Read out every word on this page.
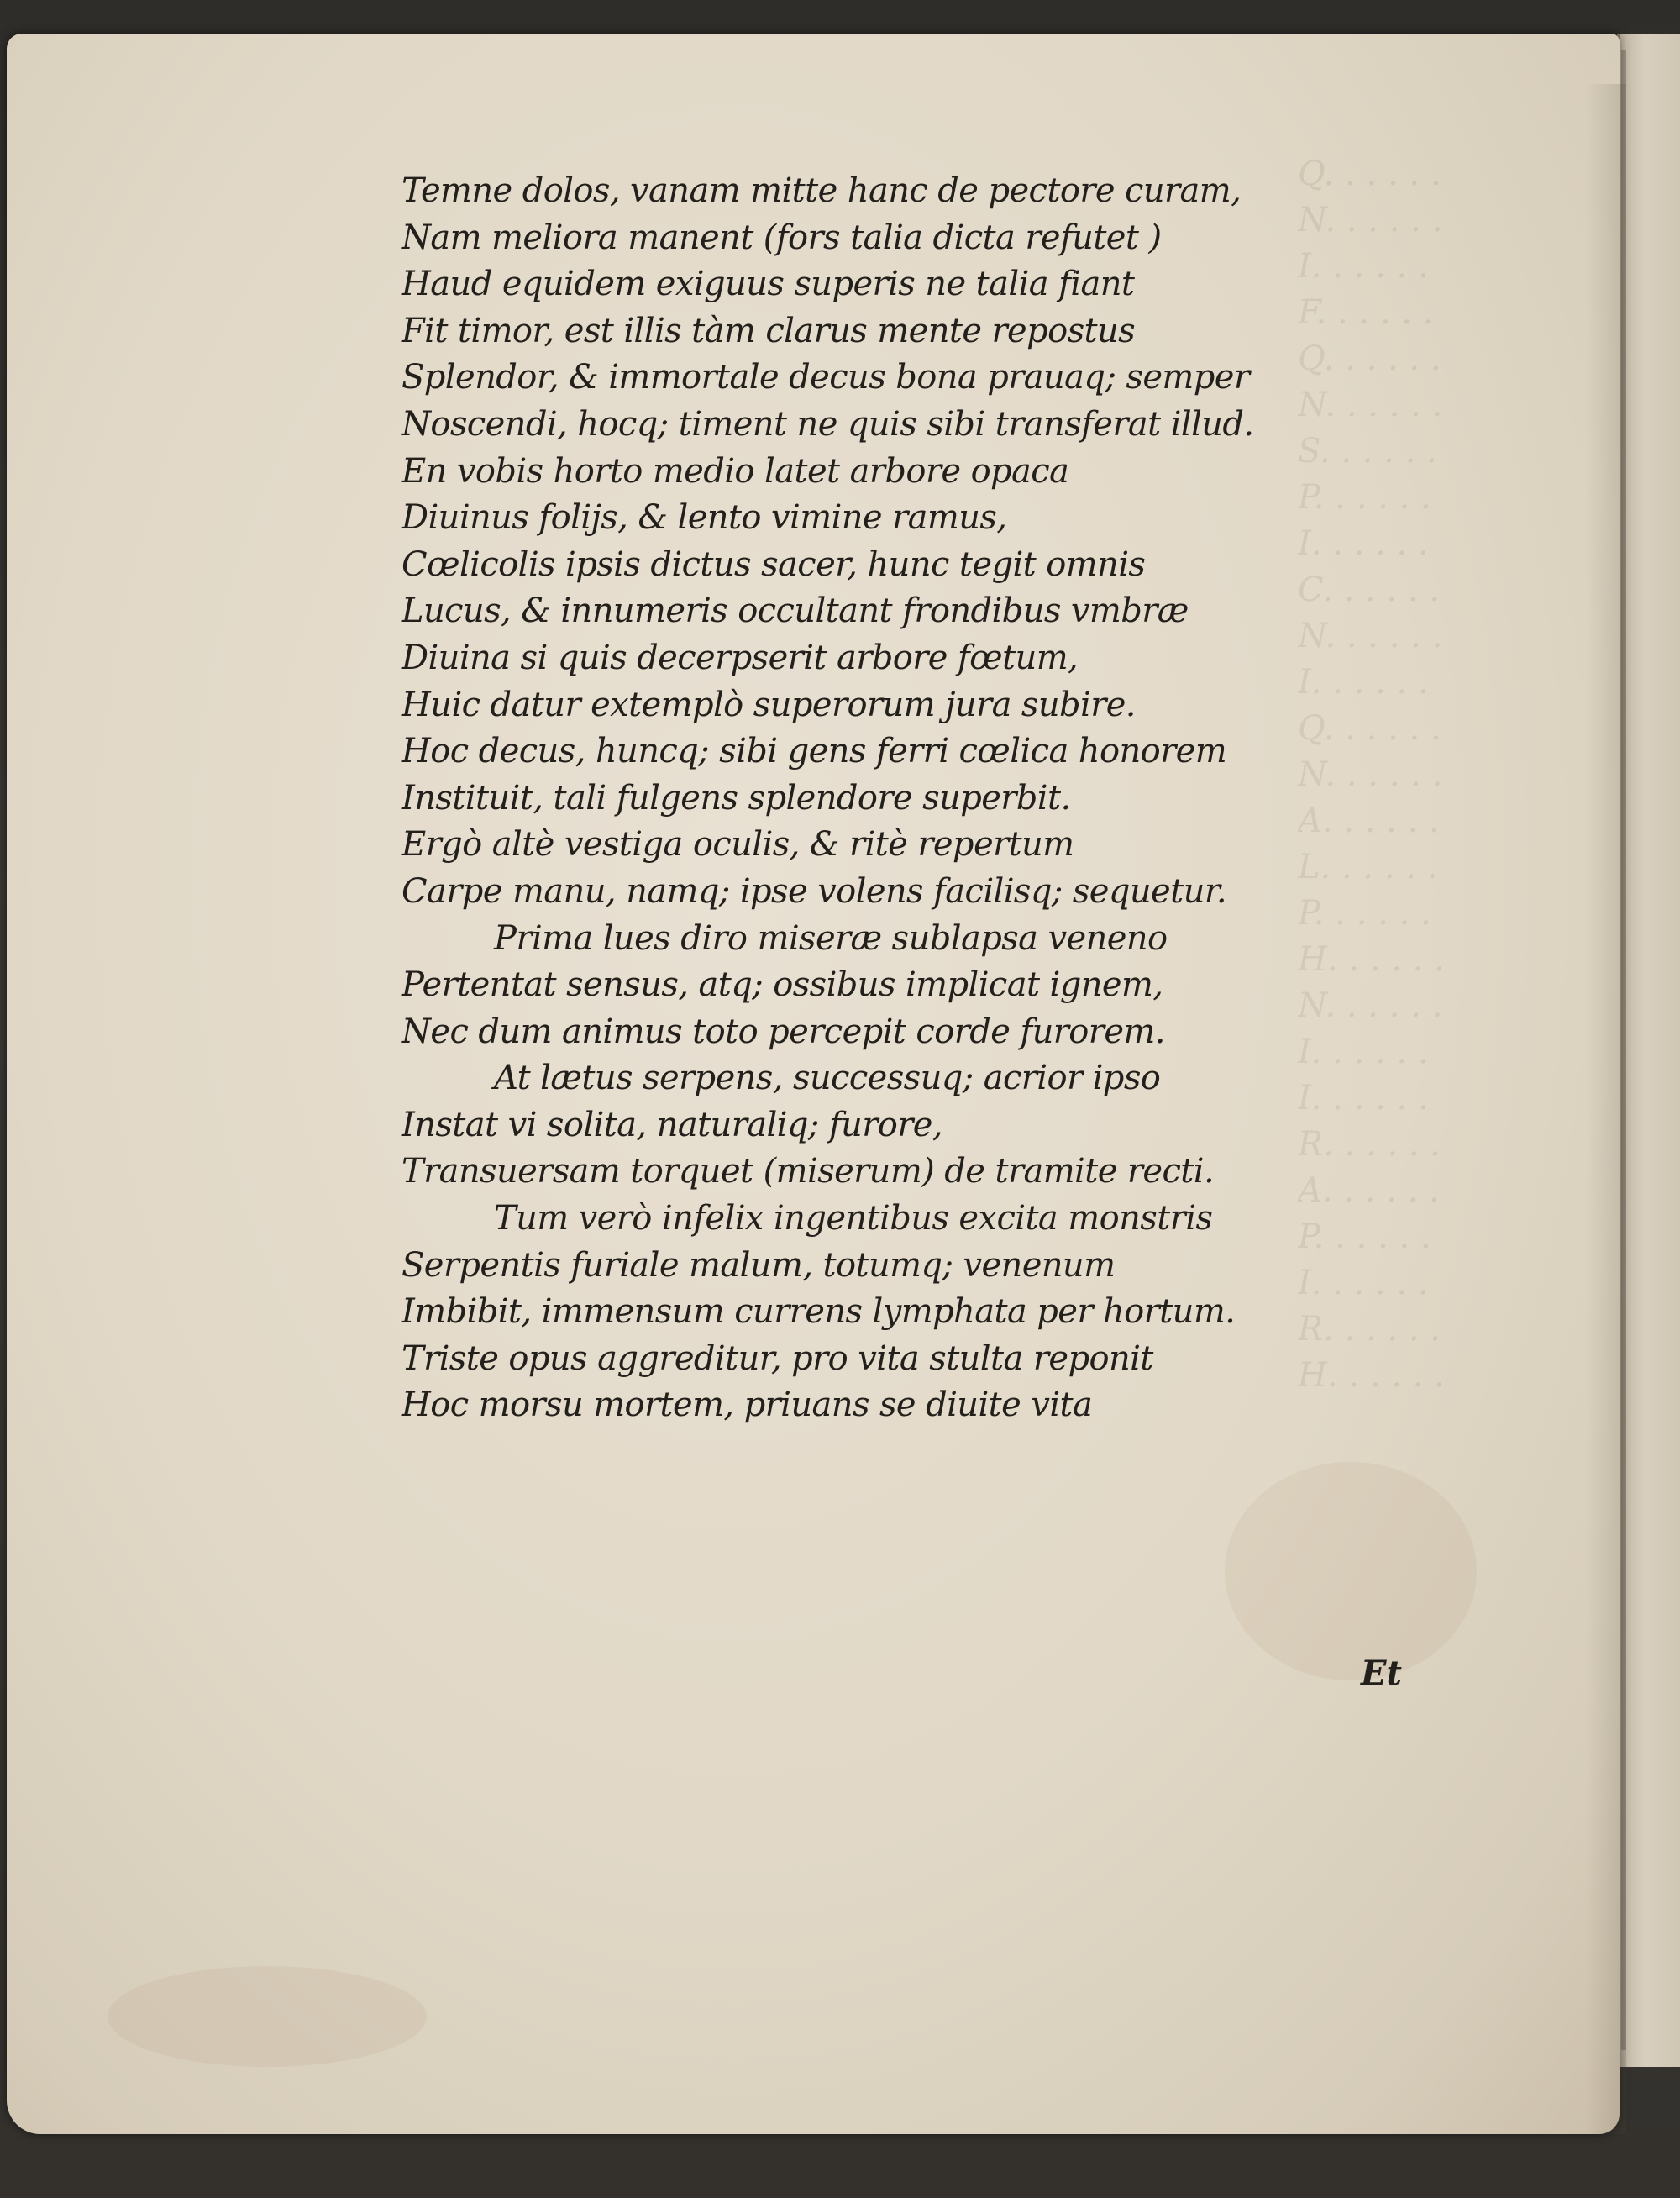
Temne dolos, vanam mitte hanc de pectore curam,
Nam meliora manent (fors talia dicta refutet )
Haud equidem exiguus superis ne talia fiant
Fit timor, est illis tàm clarus mente repostus
Splendor, & immortale decus bona prauaq; semper
Noscendi, hocq; timent ne quis sibi transferat illud.
En vobis horto medio latet arbore opaca
Diuinus folijs, & lento vimine ramus,
Cœlicolis ipsis dictus sacer, hunc tegit omnis
Lucus, & innumeris occultant frondibus vmbræ
Diuina si quis decerpserit arbore fœtum,
Huic datur extemplò superorum jura subire.
Hoc decus, huncq; sibi gens ferri cœlica honorem
Instituit, tali fulgens splendore superbit.
Ergò altè vestiga oculis, & ritè repertum
Carpe manu, namq; ipse volens facilisq; sequetur.
Prima lues diro miseræ sublapsa veneno
Pertentat sensus, atq; ossibus implicat ignem,
Nec dum animus toto percepit corde furorem.
At lætus serpens, successuq; acrior ipso
Instat vi solita, naturaliq; furore,
Transuersam torquet (miserum) de tramite recti.
Tum verò infelix ingentibus excita monstris
Serpentis furiale malum, totumq; venenum
Imbibit, immensum currens lymphata per hortum.
Triste opus aggreditur, pro vita stulta reponit
Hoc morsu mortem, priuans se diuite vita
Et
